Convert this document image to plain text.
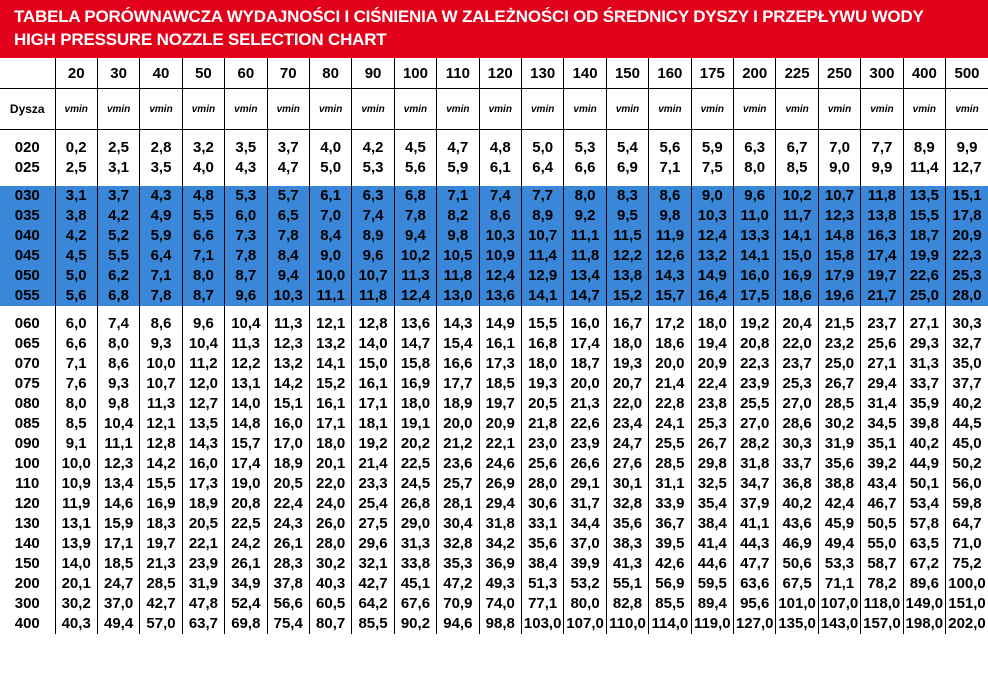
TABELA PORÓWNAWCZA WYDAJNOŚCI I CIŚNIENIA W ZALEŻNOŚCI OD ŚREDNICY DYSZY I PRZEPŁYWU WODY
HIGH PRESSURE NOZZLE SELECTION CHART
	20	30	40	50	60	70	80	90	100	110	120	130	140	150	160	175	200	225	250	300	400	500
Dysza	vmin	vmin	vmin	vmin	vmin	vmin	vmin	vmin	vmin	vmin	vmin	vmin	vmin	vmin	vmin	vmin	vmin	vmin	vmin	vmin	vmin	vmin

020	0,2	2,5	2,8	3,2	3,5	3,7	4,0	4,2	4,5	4,7	4,8	5,0	5,3	5,4	5,6	5,9	6,3	6,7	7,0	7,7	8,9	9,9
025	2,5	3,1	3,5	4,0	4,3	4,7	5,0	5,3	5,6	5,9	6,1	6,4	6,6	6,9	7,1	7,5	8,0	8,5	9,0	9,9	11,4	12,7

030	3,1	3,7	4,3	4,8	5,3	5,7	6,1	6,3	6,8	7,1	7,4	7,7	8,0	8,3	8,6	9,0	9,6	10,2	10,7	11,8	13,5	15,1
035	3,8	4,2	4,9	5,5	6,0	6,5	7,0	7,4	7,8	8,2	8,6	8,9	9,2	9,5	9,8	10,3	11,0	11,7	12,3	13,8	15,5	17,8
040	4,2	5,2	5,9	6,6	7,3	7,8	8,4	8,9	9,4	9,8	10,3	10,7	11,1	11,5	11,9	12,4	13,3	14,1	14,8	16,3	18,7	20,9
045	4,5	5,5	6,4	7,1	7,8	8,4	9,0	9,6	10,2	10,5	10,9	11,4	11,8	12,2	12,6	13,2	14,1	15,0	15,8	17,4	19,9	22,3
050	5,0	6,2	7,1	8,0	8,7	9,4	10,0	10,7	11,3	11,8	12,4	12,9	13,4	13,8	14,3	14,9	16,0	16,9	17,9	19,7	22,6	25,3
055	5,6	6,8	7,8	8,7	9,6	10,3	11,1	11,8	12,4	13,0	13,6	14,1	14,7	15,2	15,7	16,4	17,5	18,6	19,6	21,7	25,0	28,0

060	6,0	7,4	8,6	9,6	10,4	11,3	12,1	12,8	13,6	14,3	14,9	15,5	16,0	16,7	17,2	18,0	19,2	20,4	21,5	23,7	27,1	30,3
065	6,6	8,0	9,3	10,4	11,3	12,3	13,2	14,0	14,7	15,4	16,1	16,8	17,4	18,0	18,6	19,4	20,8	22,0	23,2	25,6	29,3	32,7
070	7,1	8,6	10,0	11,2	12,2	13,2	14,1	15,0	15,8	16,6	17,3	18,0	18,7	19,3	20,0	20,9	22,3	23,7	25,0	27,1	31,3	35,0
075	7,6	9,3	10,7	12,0	13,1	14,2	15,2	16,1	16,9	17,7	18,5	19,3	20,0	20,7	21,4	22,4	23,9	25,3	26,7	29,4	33,7	37,7
080	8,0	9,8	11,3	12,7	14,0	15,1	16,1	17,1	18,0	18,9	19,7	20,5	21,3	22,0	22,8	23,8	25,5	27,0	28,5	31,4	35,9	40,2
085	8,5	10,4	12,1	13,5	14,8	16,0	17,1	18,1	19,1	20,0	20,9	21,8	22,6	23,4	24,1	25,3	27,0	28,6	30,2	34,5	39,8	44,5
090	9,1	11,1	12,8	14,3	15,7	17,0	18,0	19,2	20,2	21,2	22,1	23,0	23,9	24,7	25,5	26,7	28,2	30,3	31,9	35,1	40,2	45,0
100	10,0	12,3	14,2	16,0	17,4	18,9	20,1	21,4	22,5	23,6	24,6	25,6	26,6	27,6	28,5	29,8	31,8	33,7	35,6	39,2	44,9	50,2
110	10,9	13,4	15,5	17,3	19,0	20,5	22,0	23,3	24,5	25,7	26,9	28,0	29,1	30,1	31,1	32,5	34,7	36,8	38,8	43,4	50,1	56,0
120	11,9	14,6	16,9	18,9	20,8	22,4	24,0	25,4	26,8	28,1	29,4	30,6	31,7	32,8	33,9	35,4	37,9	40,2	42,4	46,7	53,4	59,8
130	13,1	15,9	18,3	20,5	22,5	24,3	26,0	27,5	29,0	30,4	31,8	33,1	34,4	35,6	36,7	38,4	41,1	43,6	45,9	50,5	57,8	64,7
140	13,9	17,1	19,7	22,1	24,2	26,1	28,0	29,6	31,3	32,8	34,2	35,6	37,0	38,3	39,5	41,4	44,3	46,9	49,4	55,0	63,5	71,0
150	14,0	18,5	21,3	23,9	26,1	28,3	30,2	32,1	33,8	35,3	36,9	38,4	39,9	41,3	42,6	44,6	47,7	50,6	53,3	58,7	67,2	75,2
200	20,1	24,7	28,5	31,9	34,9	37,8	40,3	42,7	45,1	47,2	49,3	51,3	53,2	55,1	56,9	59,5	63,6	67,5	71,1	78,2	89,6	100,0
300	30,2	37,0	42,7	47,8	52,4	56,6	60,5	64,2	67,6	70,9	74,0	77,1	80,0	82,8	85,5	89,4	95,6	101,0	107,0	118,0	149,0	151,0
400	40,3	49,4	57,0	63,7	69,8	75,4	80,7	85,5	90,2	94,6	98,8	103,0	107,0	110,0	114,0	119,0	127,0	135,0	143,0	157,0	198,0	202,0
